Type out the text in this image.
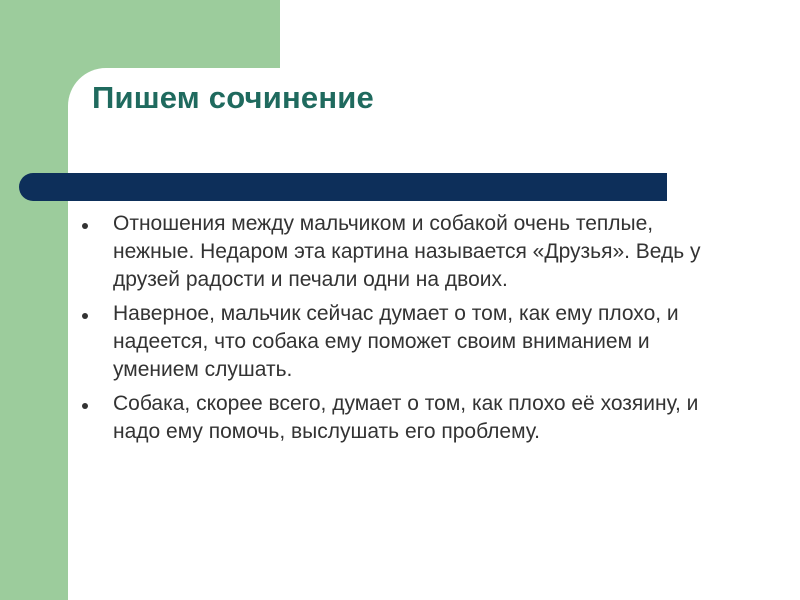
Пишем сочинение
Отношения между мальчиком и собакой очень теплые, нежные. Недаром эта картина называется «Друзья». Ведь у друзей радости и печали одни на двоих.
Наверное, мальчик сейчас думает о том, как ему плохо, и надеется, что собака ему поможет своим вниманием и умением слушать.
Собака, скорее всего, думает о том, как плохо её хозяину, и надо ему помочь, выслушать его проблему.
